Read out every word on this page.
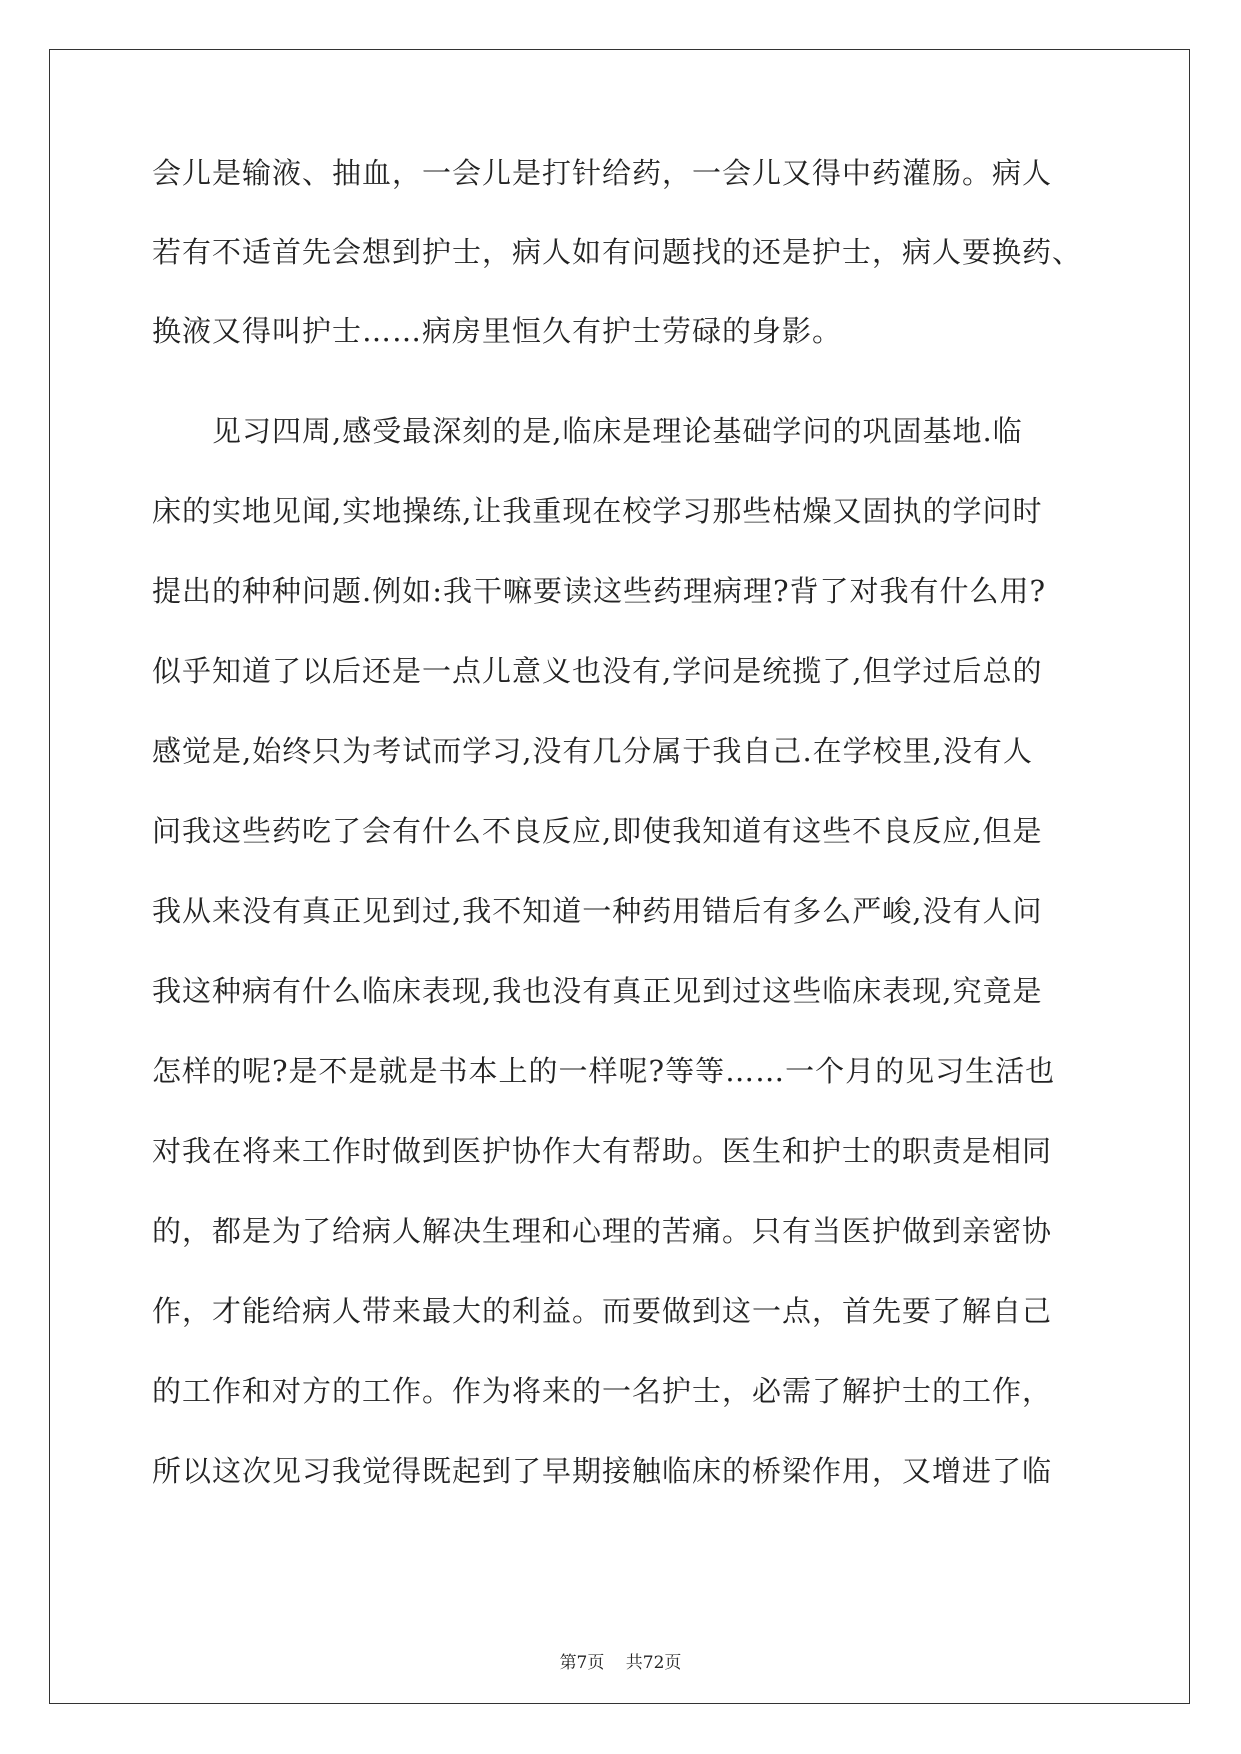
会儿是输液、抽血，一会儿是打针给药，一会儿又得中药灌肠。病人
若有不适首先会想到护士，病人如有问题找的还是护士，病人要换药、
换液又得叫护士……病房里恒久有护士劳碌的身影。
　　见习四周,感受最深刻的是,临床是理论基础学问的巩固基地.临
床的实地见闻,实地操练,让我重现在校学习那些枯燥又固执的学问时
提出的种种问题.例如:我干嘛要读这些药理病理?背了对我有什么用?
似乎知道了以后还是一点儿意义也没有,学问是统揽了,但学过后总的
感觉是,始终只为考试而学习,没有几分属于我自己.在学校里,没有人
问我这些药吃了会有什么不良反应,即使我知道有这些不良反应,但是
我从来没有真正见到过,我不知道一种药用错后有多么严峻,没有人问
我这种病有什么临床表现,我也没有真正见到过这些临床表现,究竟是
怎样的呢?是不是就是书本上的一样呢?等等……一个月的见习生活也
对我在将来工作时做到医护协作大有帮助。医生和护士的职责是相同
的，都是为了给病人解决生理和心理的苦痛。只有当医护做到亲密协
作，才能给病人带来最大的利益。而要做到这一点，首先要了解自己
的工作和对方的工作。作为将来的一名护士，必需了解护士的工作，
所以这次见习我觉得既起到了早期接触临床的桥梁作用，又增进了临
第7页 共72页
